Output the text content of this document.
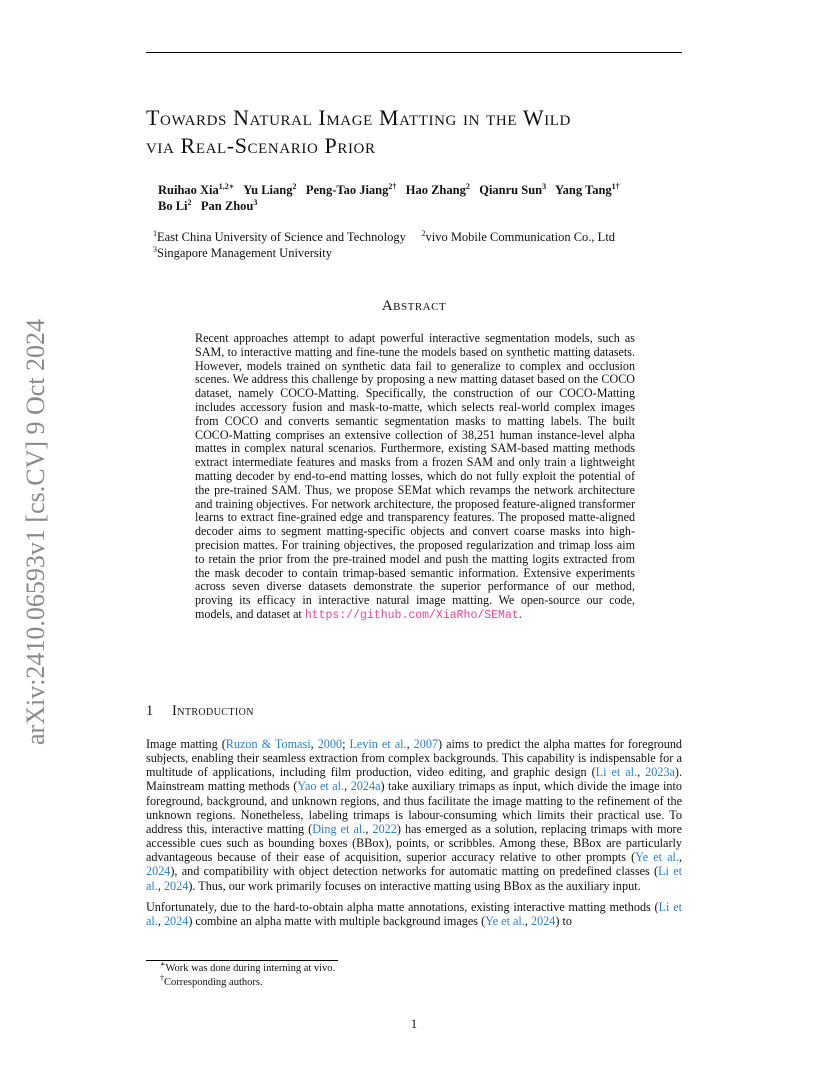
arXiv:2410.06593v1 [cs.CV] 9 Oct 2024
Towards Natural Image Matting in the Wild
via Real-Scenario Prior
Ruihao Xia$^{1,2∗}$ Yu Liang$^2$ Peng-Tao Jiang$^{2\dagger}$ Hao Zhang$^2$ Qianru Sun$^3$ Yang Tang$^{1\dagger}$
Bo Li$^2$ Pan Zhou$^3$
$^1$East China University of Science and Technology $^2$vivo Mobile Communication Co., Ltd
$^3$Singapore Management University
Abstract
Recent approaches attempt to adapt powerful interactive segmentation models, such as SAM, to interactive matting and fine-tune the models based on synthetic matting datasets. However, models trained on synthetic data fail to generalize to complex and occlusion scenes. We address this challenge by proposing a new matting dataset based on the COCO dataset, namely COCO-Matting. Specifically, the construction of our COCO-Matting includes accessory fusion and mask-to-matte, which selects real-world complex images from COCO and converts semantic segmentation masks to matting labels. The built COCO-Matting comprises an extensive collection of 38,251 human instance-level alpha mattes in complex natural scenarios. Furthermore, existing SAM-based matting methods extract intermediate features and masks from a frozen SAM and only train a lightweight matting decoder by end-to-end matting losses, which do not fully exploit the potential of the pre-trained SAM. Thus, we propose SEMat which revamps the network architecture and training objectives. For network architecture, the proposed feature-aligned transformer learns to extract fine-grained edge and transparency features. The proposed matte-aligned decoder aims to segment matting-specific objects and convert coarse masks into high-precision mattes. For training objectives, the proposed regularization and trimap loss aim to retain the prior from the pre-trained model and push the matting logits extracted from the mask decoder to contain trimap-based semantic information. Extensive experiments across seven diverse datasets demonstrate the superior performance of our method, proving its efficacy in interactive natural image matting. We open-source our code, models, and dataset at https://github.com/XiaRho/SEMat.
1 Introduction

Image matting (Ruzon & Tomasi, 2000; Levin et al., 2007) aims to predict the alpha mattes for foreground subjects, enabling their seamless extraction from complex backgrounds. This capability is indispensable for a multitude of applications, including film production, video editing, and graphic design (Li et al., 2023a). Mainstream matting methods (Yao et al., 2024a) take auxiliary trimaps as input, which divide the image into foreground, background, and unknown regions, and thus facilitate the image matting to the refinement of the unknown regions. Nonetheless, labeling trimaps is labour-consuming which limits their practical use. To address this, interactive matting (Ding et al., 2022) has emerged as a solution, replacing trimaps with more accessible cues such as bounding boxes (BBox), points, or scribbles. Among these, BBox are particularly advantageous because of their ease of acquisition, superior accuracy relative to other prompts (Ye et al., 2024), and compatibility with object detection networks for automatic matting on predefined classes (Li et al., 2024). Thus, our work primarily focuses on interactive matting using BBox as the auxiliary input.

Unfortunately, due to the hard-to-obtain alpha matte annotations, existing interactive matting methods (Li et al., 2024) combine an alpha matte with multiple background images (Ye et al., 2024) to

∗Work was done during interning at vivo.
†Corresponding authors.
1
